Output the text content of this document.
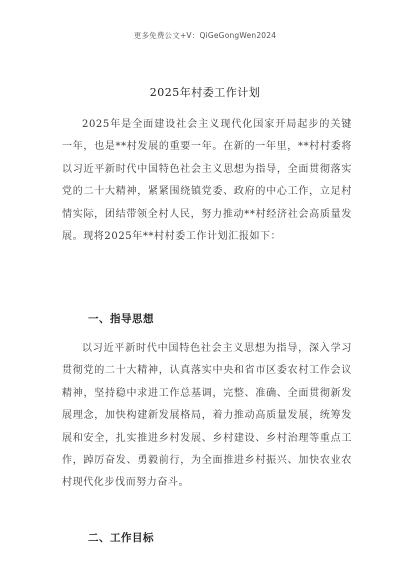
更多免费公文+V：QiGeGongWen2024
2025年村委工作计划

2025年是全面建设社会主义现代化国家开局起步的关键一年，也是**村发展的重要一年。在新的一年里，**村村委将以习近平新时代中国特色社会主义思想为指导，全面贯彻落实党的二十大精神，紧紧围绕镇党委、政府的中心工作，立足村情实际，团结带领全村人民，努力推动**村经济社会高质量发展。现将2025年**村村委工作计划汇报如下：

一、指导思想

以习近平新时代中国特色社会主义思想为指导，深入学习贯彻党的二十大精神，认真落实中央和省市区委农村工作会议精神，坚持稳中求进工作总基调，完整、准确、全面贯彻新发展理念，加快构建新发展格局，着力推动高质量发展，统筹发展和安全，扎实推进乡村发展、乡村建设、乡村治理等重点工作，踔厉奋发、勇毅前行，为全面推进乡村振兴、加快农业农村现代化步伐而努力奋斗。

二、工作目标
